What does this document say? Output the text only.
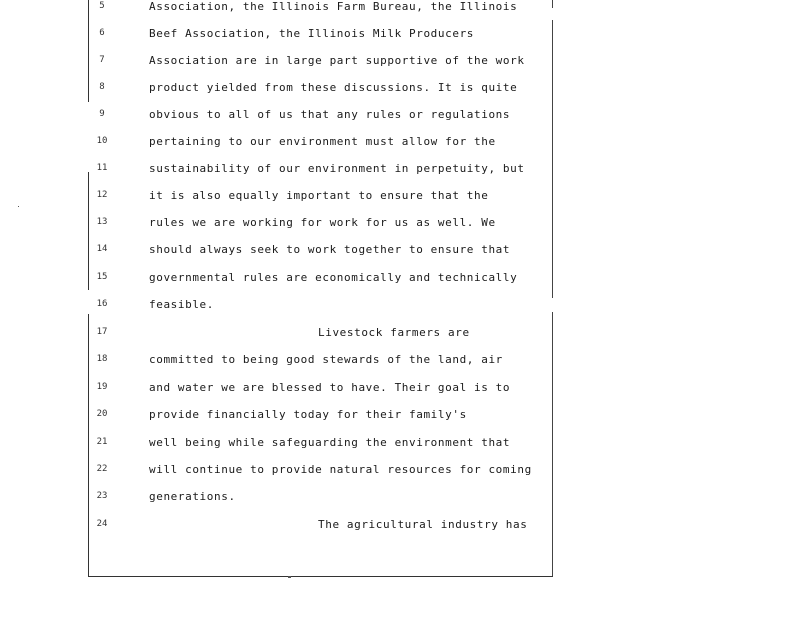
5	Association, the Illinois Farm Bureau, the Illinois
6	Beef Association, the Illinois Milk Producers
7	Association are in large part supportive of the work
8	product yielded from these discussions. It is quite
9	obvious to all of us that any rules or regulations
10	pertaining to our environment must allow for the
11	sustainability of our environment in perpetuity, but
12	it is also equally important to ensure that the
13	rules we are working for work for us as well. We
14	should always seek to work together to ensure that
15	governmental rules are economically and technically
16	feasible.
17	Livestock farmers are
18	committed to being good stewards of the land, air
19	and water we are blessed to have. Their goal is to
20	provide financially today for their family's
21	well being while safeguarding the environment that
22	will continue to provide natural resources for coming
23	generations.
24	The agricultural industry has
